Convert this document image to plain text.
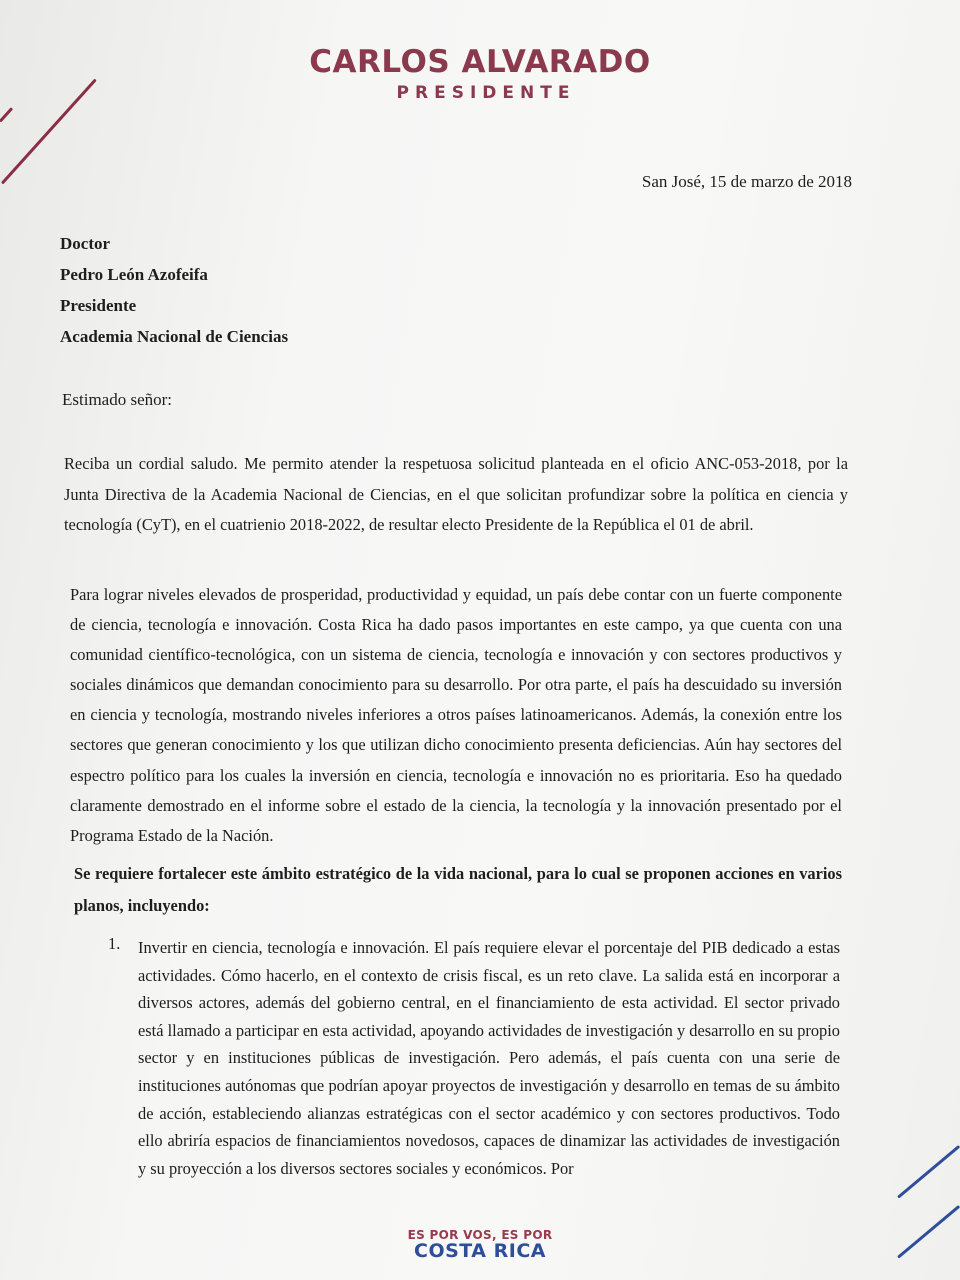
CARLOS ALVARADO
PRESIDENTE
San José, 15 de marzo de 2018
Doctor
Pedro León Azofeifa
Presidente
Academia Nacional de Ciencias
Estimado señor:

Reciba un cordial saludo. Me permito atender la respetuosa solicitud planteada en el oficio ANC-053-2018, por la Junta Directiva de la Academia Nacional de Ciencias, en el que solicitan profundizar sobre la política en ciencia y tecnología (CyT), en el cuatrienio 2018-2022, de resultar electo Presidente de la República el 01 de abril.

Para lograr niveles elevados de prosperidad, productividad y equidad, un país debe contar con un fuerte componente de ciencia, tecnología e innovación. Costa Rica ha dado pasos importantes en este campo, ya que cuenta con una comunidad científico-tecnológica, con un sistema de ciencia, tecnología e innovación y con sectores productivos y sociales dinámicos que demandan conocimiento para su desarrollo. Por otra parte, el país ha descuidado su inversión en ciencia y tecnología, mostrando niveles inferiores a otros países latinoamericanos. Además, la conexión entre los sectores que generan conocimiento y los que utilizan dicho conocimiento presenta deficiencias. Aún hay sectores del espectro político para los cuales la inversión en ciencia, tecnología e innovación no es prioritaria. Eso ha quedado claramente demostrado en el informe sobre el estado de la ciencia, la tecnología y la innovación presentado por el Programa Estado de la Nación.

Se requiere fortalecer este ámbito estratégico de la vida nacional, para lo cual se proponen acciones en varios planos, incluyendo:

1. Invertir en ciencia, tecnología e innovación. El país requiere elevar el porcentaje del PIB dedicado a estas actividades. Cómo hacerlo, en el contexto de crisis fiscal, es un reto clave. La salida está en incorporar a diversos actores, además del gobierno central, en el financiamiento de esta actividad. El sector privado está llamado a participar en esta actividad, apoyando actividades de investigación y desarrollo en su propio sector y en instituciones públicas de investigación. Pero además, el país cuenta con una serie de instituciones autónomas que podrían apoyar proyectos de investigación y desarrollo en temas de su ámbito de acción, estableciendo alianzas estratégicas con el sector académico y con sectores productivos. Todo ello abriría espacios de financiamientos novedosos, capaces de dinamizar las actividades de investigación y su proyección a los diversos sectores sociales y económicos. Por

ES POR VOS, ES POR
COSTA RICA
